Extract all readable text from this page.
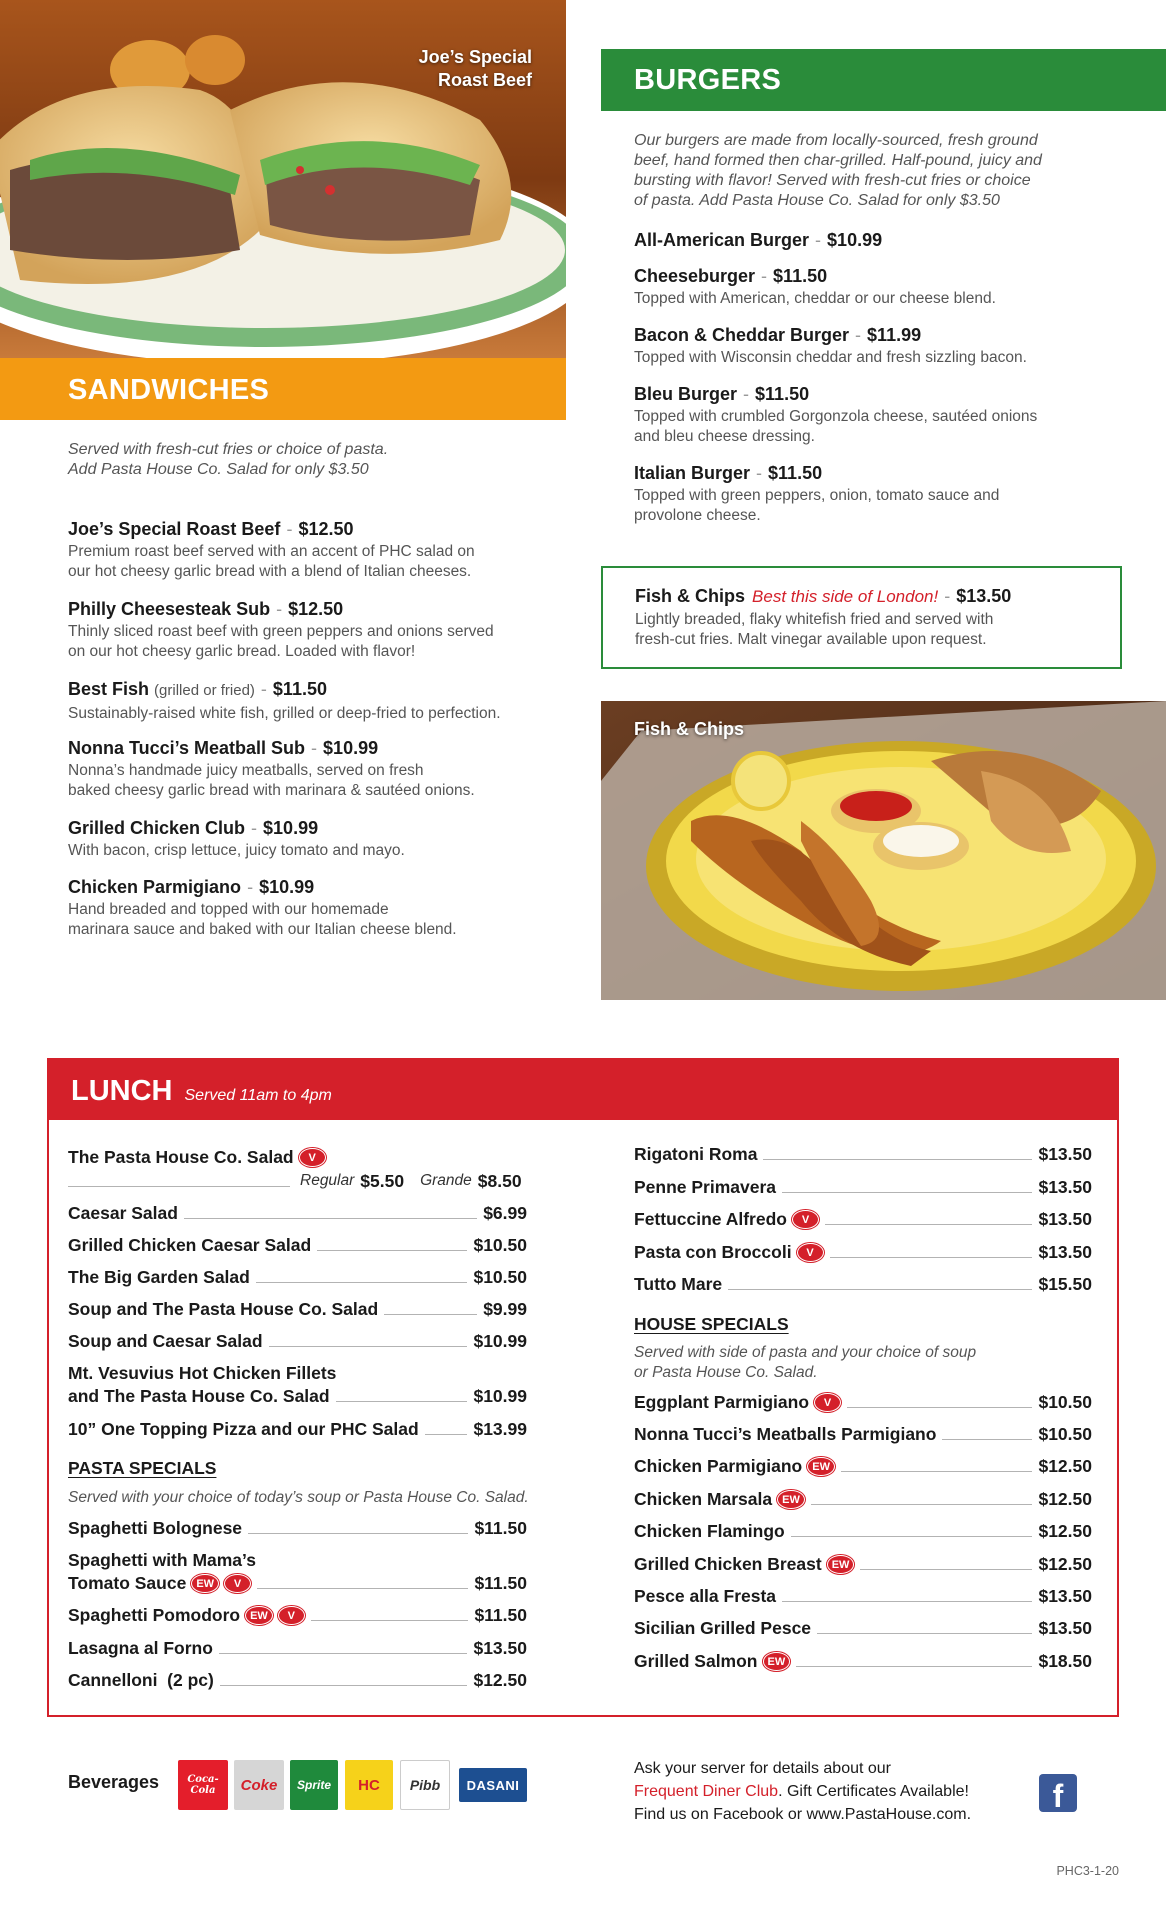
Joe’s Special
Roast Beef
SANDWICHES
Served with fresh-cut fries or choice of pasta.
Add Pasta House Co. Salad for only $3.50
Joe’s Special Roast Beef - $12.50
Premium roast beef served with an accent of PHC salad on
our hot cheesy garlic bread with a blend of Italian cheeses.
Philly Cheesesteak Sub - $12.50
Thinly sliced roast beef with green peppers and onions served
on our hot cheesy garlic bread. Loaded with flavor!
Best Fish (grilled or fried) - $11.50
Sustainably-raised white fish, grilled or deep-fried to perfection.
Nonna Tucci’s Meatball Sub - $10.99
Nonna’s handmade juicy meatballs, served on fresh
baked cheesy garlic bread with marinara & sautéed onions.
Grilled Chicken Club - $10.99
With bacon, crisp lettuce, juicy tomato and mayo.
Chicken Parmigiano - $10.99
Hand breaded and topped with our homemade
marinara sauce and baked with our Italian cheese blend.
BURGERS
Our burgers are made from locally-sourced, fresh ground
beef, hand formed then char-grilled. Half-pound, juicy and
bursting with flavor! Served with fresh-cut fries or choice
of pasta. Add Pasta House Co. Salad for only $3.50
All-American Burger - $10.99
Cheeseburger - $11.50
Topped with American, cheddar or our cheese blend.
Bacon & Cheddar Burger - $11.99
Topped with Wisconsin cheddar and fresh sizzling bacon.
Bleu Burger - $11.50
Topped with crumbled Gorgonzola cheese, sautéed onions
and bleu cheese dressing.
Italian Burger - $11.50
Topped with green peppers, onion, tomato sauce and
provolone cheese.
Fish & Chips Best this side of London! - $13.50
Lightly breaded, flaky whitefish fried and served with
fresh-cut fries. Malt vinegar available upon request.
Fish & Chips
LUNCH Served 11am to 4pm
The Pasta House Co. Salad	V
Regular $5.50 Grande $8.50
Caesar Salad	$6.99
Grilled Chicken Caesar Salad	$10.50
The Big Garden Salad	$10.50
Soup and The Pasta House Co. Salad	$9.99
Soup and Caesar Salad	$10.99
Mt. Vesuvius Hot Chicken Fillets
and The Pasta House Co. Salad	$10.99
10” One Topping Pizza and our PHC Salad	$13.99
PASTA SPECIALS
Served with your choice of today’s soup or Pasta House Co. Salad.
Spaghetti Bolognese	$11.50
Spaghetti with Mama’s
Tomato Sauce EW	V	$11.50
Spaghetti Pomodoro EW	V	$11.50
Lasagna al Forno	$13.50
Cannelloni  (2 pc)	$12.50
Rigatoni Roma	$13.50
Penne Primavera	$13.50
Fettuccine Alfredo	V	$13.50
Pasta con Broccoli	V	$13.50
Tutto Mare	$15.50
HOUSE SPECIALS
Served with side of pasta and your choice of soup
or Pasta House Co. Salad.
Eggplant Parmigiano	V	$10.50
Nonna Tucci’s Meatballs Parmigiano	$10.50
Chicken Parmigiano EW	$12.50
Chicken Marsala EW	$12.50
Chicken Flamingo	$12.50
Grilled Chicken Breast EW	$12.50
Pesce alla Fresta	$13.50
Sicilian Grilled Pesce	$13.50
Grilled Salmon EW	$18.50
Beverages	Coca-Cola	Coke	Sprite	HC	Pibb	DASANI
Ask your server for details about our
Frequent Diner Club. Gift Certificates Available!
Find us on Facebook or www.PastaHouse.com.
f
PHC3-1-20
